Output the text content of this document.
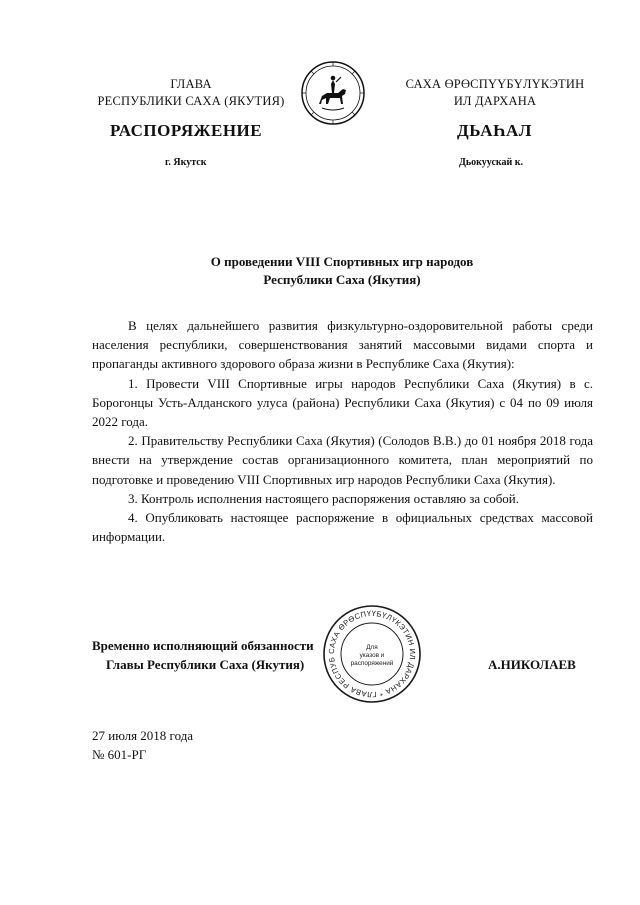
ГЛАВА
РЕСПУБЛИКИ САХА (ЯКУТИЯ)
САХА ӨРӨСПҮҮБҮЛҮКЭТИН
ИЛ ДАРХАНА
РАСПОРЯЖЕНИЕ	ДЬАҺАЛ
г. Якутск	Дьокуускай к.
О проведении VIII Спортивных игр народов
Республики Саха (Якутия)

В целях дальнейшего развития физкультурно-оздоровительной работы среди населения республики, совершенствования занятий массовыми видами спорта и пропаганды активного здорового образа жизни в Республике Саха (Якутия):

1. Провести VIII Спортивные игры народов Республики Саха (Якутия) в с. Борогонцы Усть-Алданского улуса (района) Республики Саха (Якутия) с 04 по 09 июля 2022 года.

2. Правительству Республики Саха (Якутия) (Солодов В.В.) до 01 ноября 2018 года внести на утверждение состав организационного комитета, план мероприятий по подготовке и проведению VIII Спортивных игр народов Республики Саха (Якутия).

3. Контроль исполнения настоящего распоряжения оставляю за собой.

4. Опубликовать настоящее распоряжение в официальных средствах массовой информации.

Временно исполняющий обязанности
Главы Республики Саха (Якутия)	А.НИКОЛАЕВ
САХА ӨРӨСПҮҮБҮЛҮКЭТИН ИЛ ДАРХАНА * ГЛАВА РЕСПУБ
Для
указов и
распоряжений
27 июля 2018 года
№ 601-РГ
